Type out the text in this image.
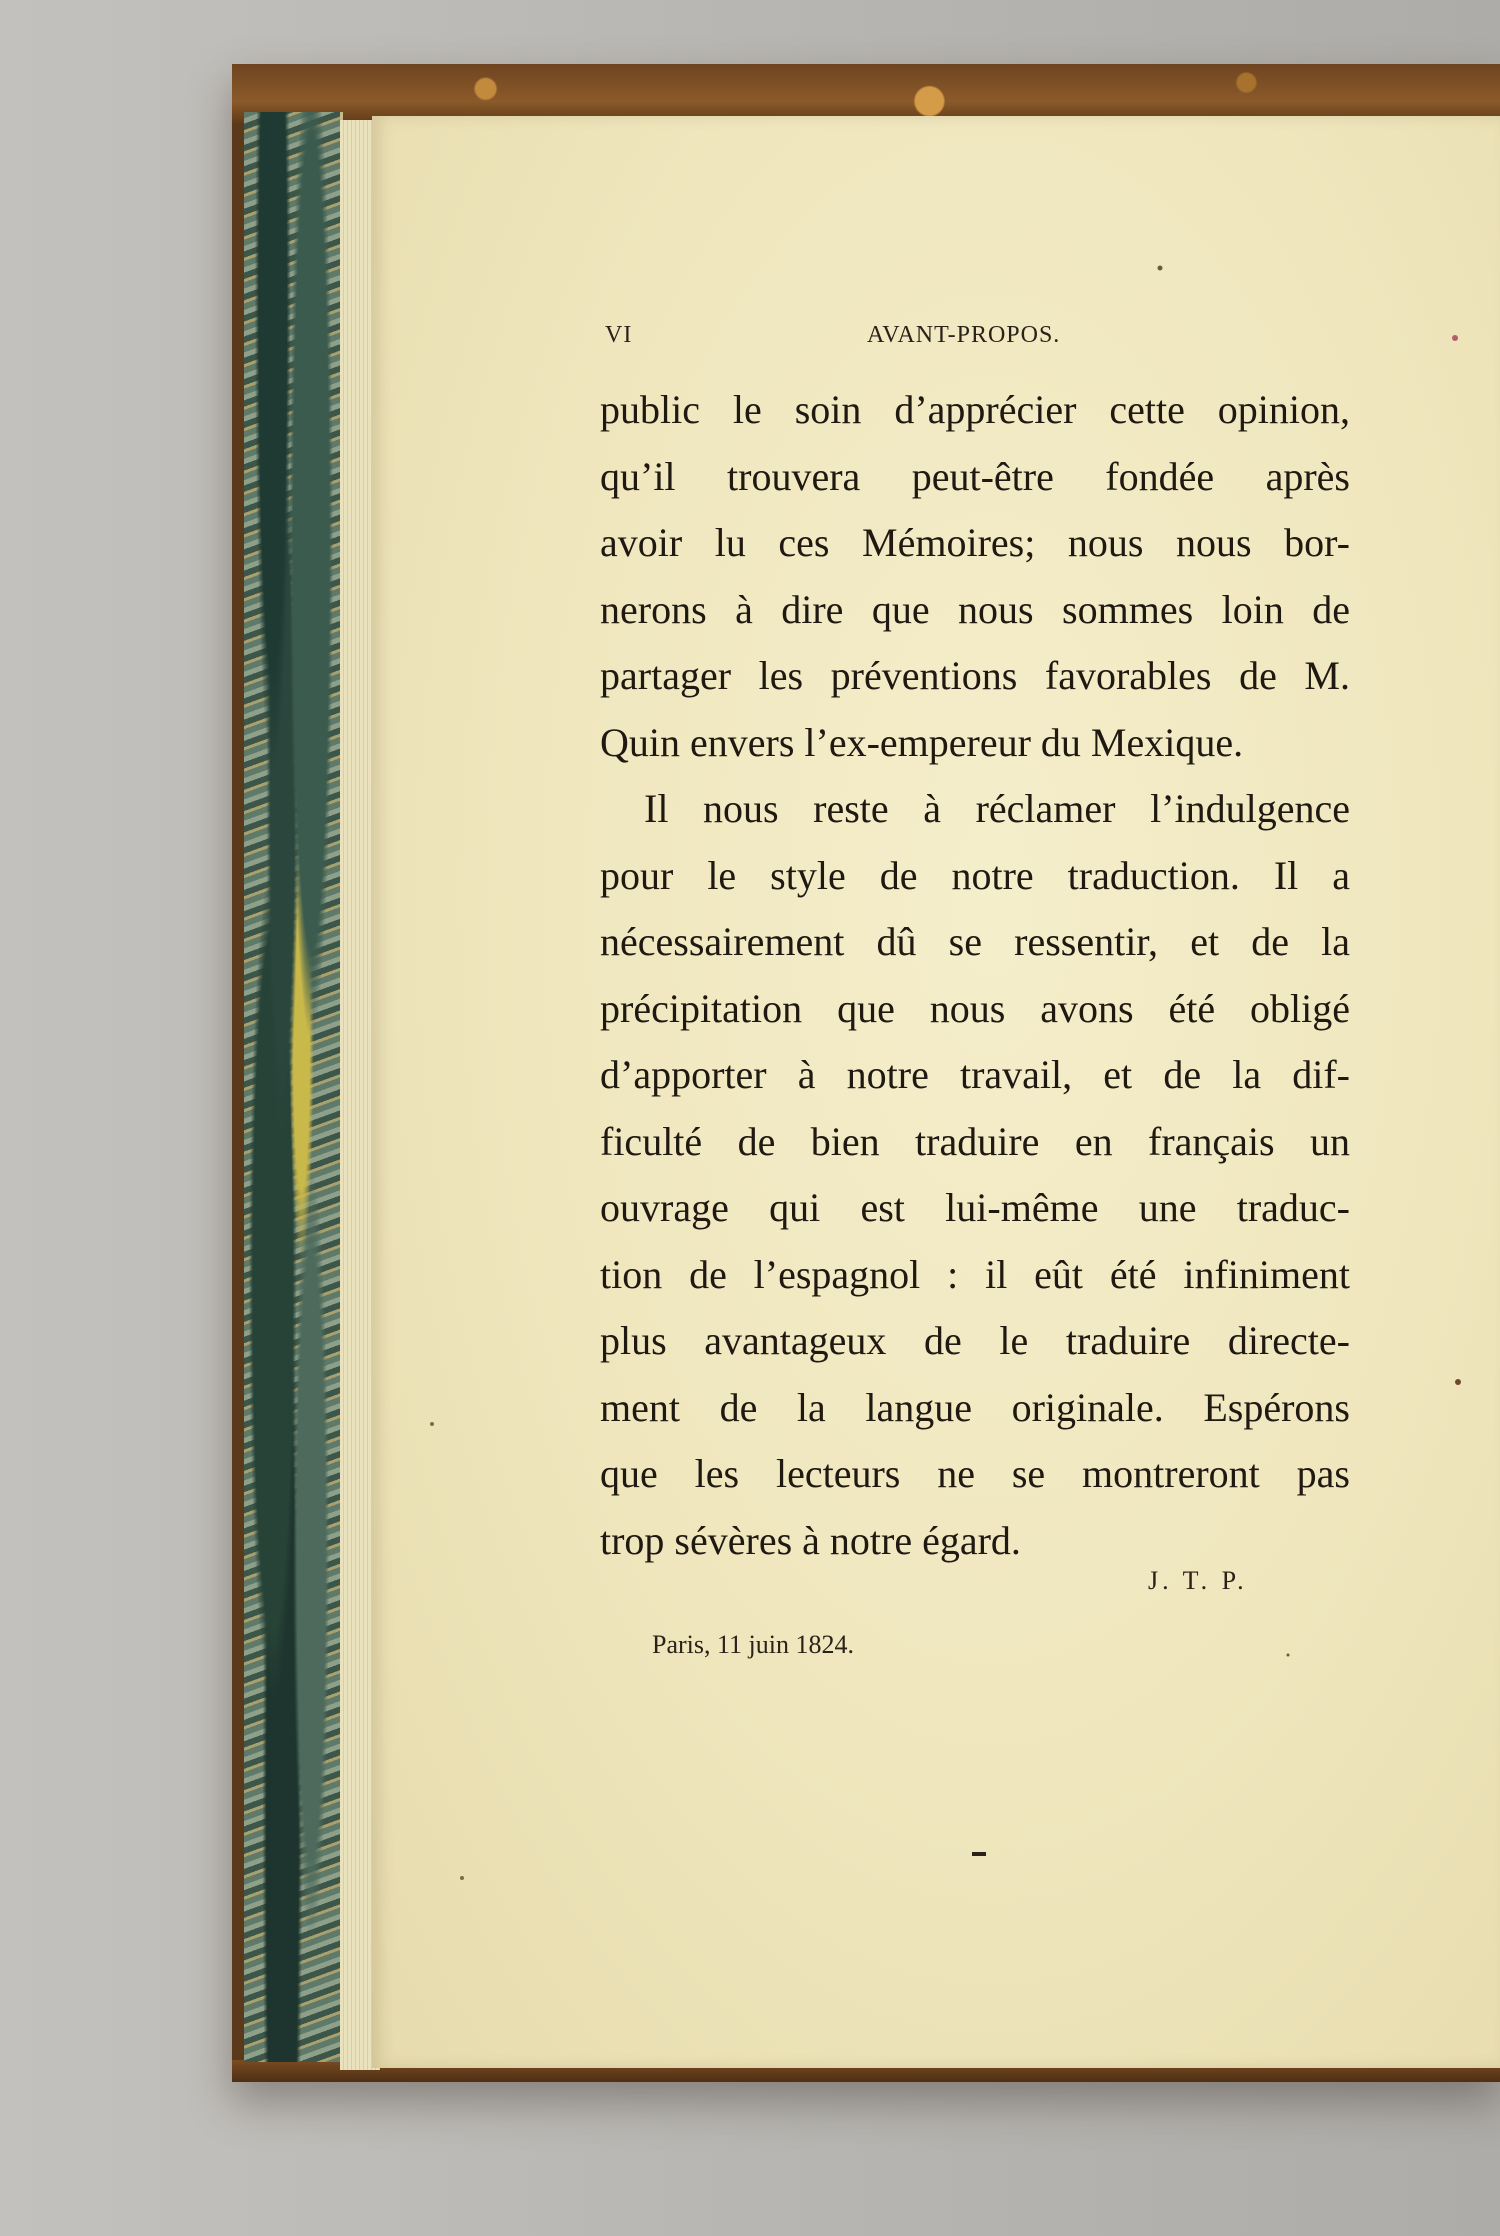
VI	AVANT-PROPOS.
public le soin d’apprécier cette opinion,
qu’il trouvera peut-être fondée après
avoir lu ces Mémoires; nous nous bor-
nerons à dire que nous sommes loin de
partager les préventions favorables de M.
Quin envers l’ex-empereur du Mexique.
Il nous reste à réclamer l’indulgence
pour le style de notre traduction. Il a
nécessairement dû se ressentir, et de la
précipitation que nous avons été obligé
d’apporter à notre travail, et de la dif-
ficulté de bien traduire en français un
ouvrage qui est lui-même une traduc-
tion de l’espagnol : il eût été infiniment
plus avantageux de le traduire directe-
ment de la langue originale. Espérons
que les lecteurs ne se montreront pas
trop sévères à notre égard.
J. T. P.
Paris, 11 juin 1824.
